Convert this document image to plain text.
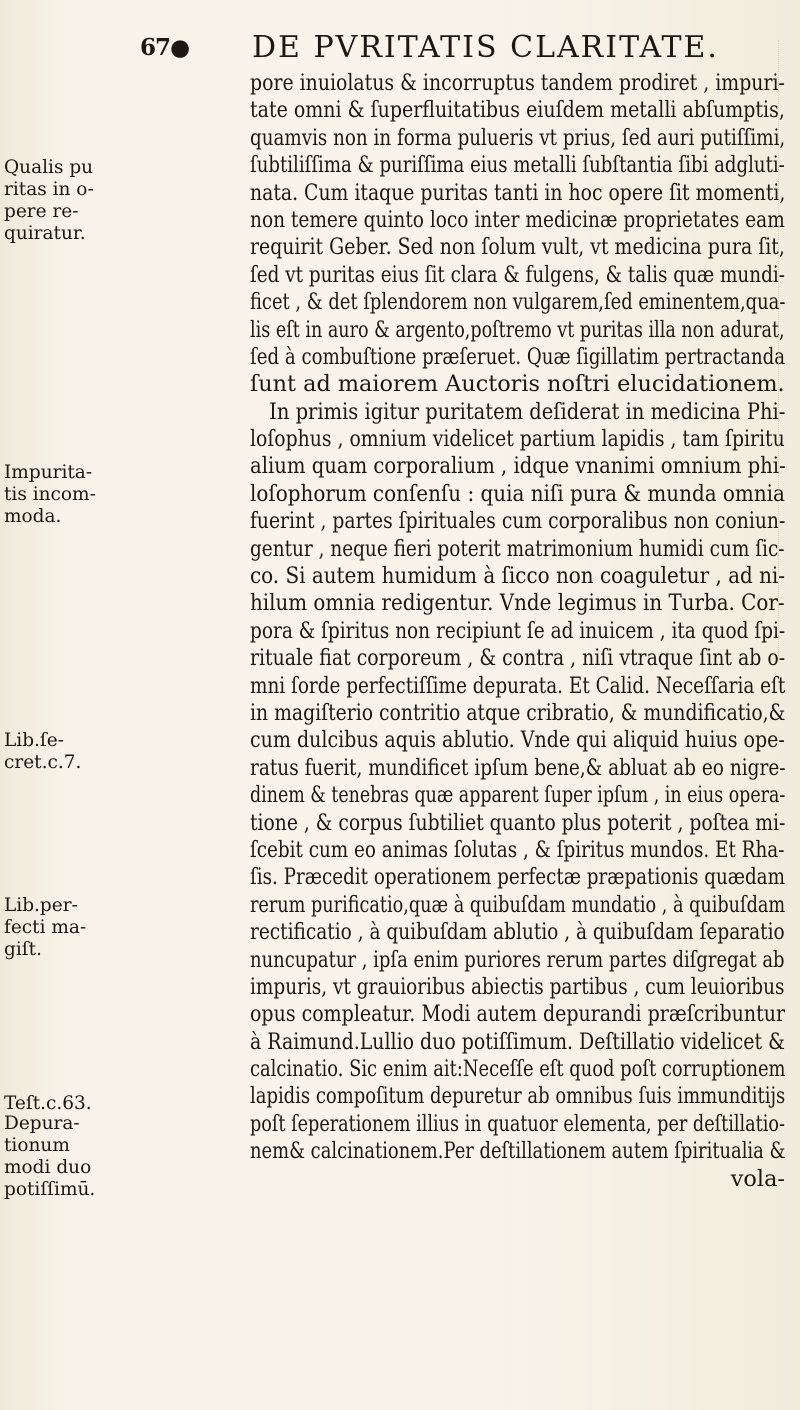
67● DE PVRITATIS CLARITATE.
pore inuiolatus & incorruptus tandem prodiret , impuri-
tate omni & ſuperfluitatibus eiuſdem metalli abſumptis,
quamvis non in forma pulueris vt prius, ſed auri putiſſimi,
ſubtiliſſima & puriſſima eius metalli ſubſtantia ſibi adgluti-
nata. Cum itaque puritas tanti in hoc opere ſit momenti,
non temere quinto loco inter medicinæ proprietates eam
requirit Geber. Sed non ſolum vult, vt medicina pura ſit,
ſed vt puritas eius ſit clara & fulgens, & talis quæ mundi-
ficet , & det ſplendorem non vulgarem,ſed eminentem,qua-
lis eſt in auro & argento,poſtremo vt puritas illa non adurat,
ſed à combuſtione præſeruet. Quæ ſigillatim pertractanda
ſunt ad maiorem Auctoris noſtri elucidationem.
In primis igitur puritatem deſiderat in medicina Phi-
loſophus , omnium videlicet partium lapidis , tam ſpiritu
alium quam corporalium , idque vnanimi omnium phi-
loſophorum conſenſu : quia niſi pura & munda omnia
fuerint , partes ſpirituales cum corporalibus non coniun-
gentur , neque fieri poterit matrimonium humidi cum ſic-
co. Si autem humidum à ſicco non coaguletur , ad ni-
hilum omnia redigentur. Vnde legimus in Turba. Cor-
pora & ſpiritus non recipiunt ſe ad inuicem , ita quod ſpi-
rituale fiat corporeum , & contra , niſi vtraque ſint ab o-
mni ſorde perfectiſſime depurata. Et Calid. Neceſſaria eſt
in magiſterio contritio atque cribratio, & mundificatio,&
cum dulcibus aquis ablutio. Vnde qui aliquid huius ope-
ratus fuerit, mundificet ipſum bene,& abluat ab eo nigre-
dinem & tenebras quæ apparent ſuper ipſum , in eius opera-
tione , & corpus ſubtiliet quanto plus poterit , poſtea mi-
ſcebit cum eo animas ſolutas , & ſpiritus mundos. Et Rha-
ſis. Præcedit operationem perfectæ præpationis quædam
rerum purificatio,quæ à quibuſdam mundatio , à quibuſdam
rectificatio , à quibuſdam ablutio , à quibuſdam ſeparatio
nuncupatur , ipſa enim puriores rerum partes diſgregat ab
impuris, vt grauioribus abiectis partibus , cum leuioribus
opus compleatur. Modi autem depurandi præſcribuntur
à Raimund.Lullio duo potiſſimum. Deſtillatio videlicet &
calcinatio. Sic enim ait:Neceſſe eſt quod poſt corruptionem
lapidis compoſitum depuretur ab omnibus ſuis immunditijs
poſt ſeperationem illius in quatuor elementa, per deſtillatio-
nem& calcinationem.Per deſtillationem autem ſpiritualia &
vola-
Qualis pu
ritas in o-
pere re-
quiratur.
Impurita-
tis incom-
moda.
Lib.ſe-
cret.c.7.
Lib.per-
fecti ma-
giſt.
Teſt.c.63.
Depura-
tionum
modi duo
potiſſimū.
